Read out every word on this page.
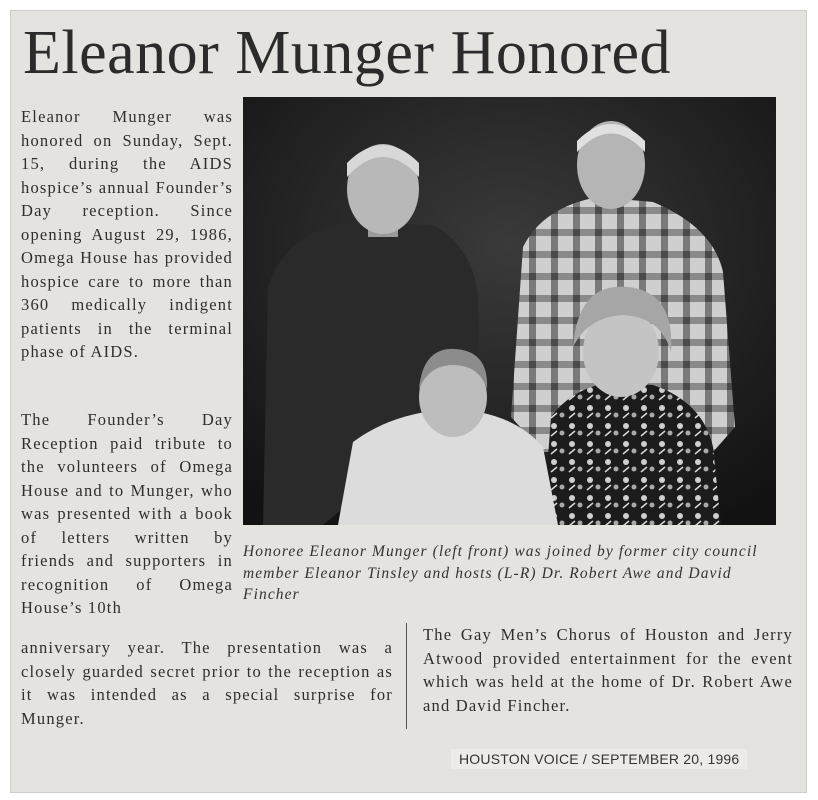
Eleanor Munger Honored
Eleanor Munger was honored on Sunday, Sept. 15, during the AIDS hospice’s annual Founder’s Day reception. Since opening August 29, 1986, Omega House has provided hospice care to more than 360 medically indigent patients in the terminal phase of AIDS.
The Founder’s Day Reception paid tribute to the volunteers of Omega House and to Munger, who was presented with a book of letters written by friends and supporters in recognition of Omega House’s 10th
anniversary year. The presentation was a closely guarded secret prior to the reception as it was intended as a special surprise for Munger.
The Gay Men’s Chorus of Houston and Jerry Atwood provided entertainment for the event which was held at the home of Dr. Robert Awe and David Fincher.
Honoree Eleanor Munger (left front) was joined by former city council member Eleanor Tinsley and hosts (L-R) Dr. Robert Awe and David Fincher
HOUSTON VOICE / SEPTEMBER 20, 1996
